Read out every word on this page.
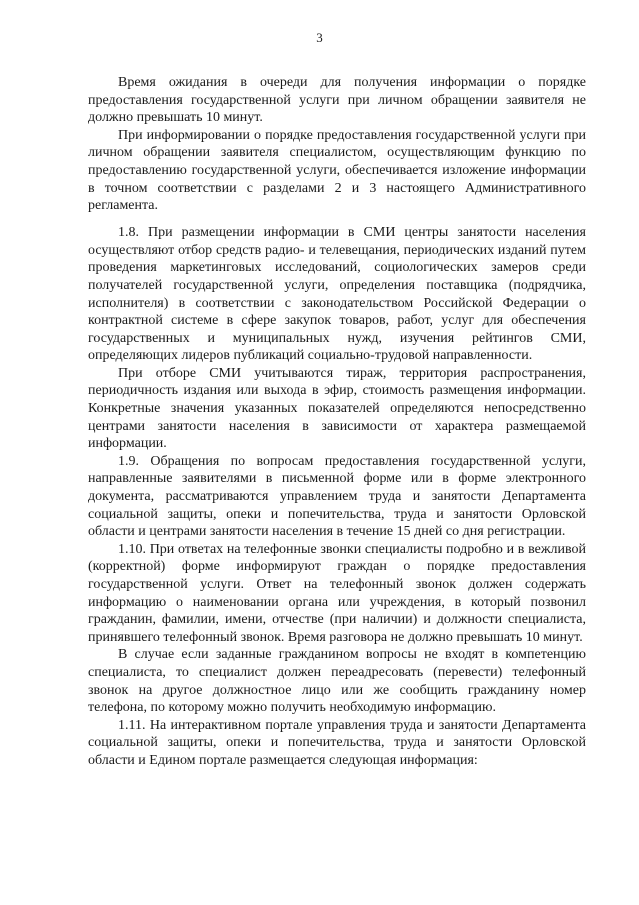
3

Время ожидания в очереди для получения информации о порядке предоставления государственной услуги при личном обращении заявителя не должно превышать 10 минут.

При информировании о порядке предоставления государственной услуги при личном обращении заявителя специалистом, осуществляющим функцию по предоставлению государственной услуги, обеспечивается изложение информации в точном соответствии с разделами 2 и 3 настоящего Административного регламента.

1.8. При размещении информации в СМИ центры занятости населения осуществляют отбор средств радио- и телевещания, периодических изданий путем проведения маркетинговых исследований, социологических замеров среди получателей государственной услуги, определения поставщика (подрядчика, исполнителя) в соответствии с законодательством Российской Федерации о контрактной системе в сфере закупок товаров, работ, услуг для обеспечения государственных и муниципальных нужд, изучения рейтингов СМИ, определяющих лидеров публикаций социально-трудовой направленности.

При отборе СМИ учитываются тираж, территория распространения, периодичность издания или выхода в эфир, стоимость размещения информации. Конкретные значения указанных показателей определяются непосредственно центрами занятости населения в зависимости от характера размещаемой информации.

1.9. Обращения по вопросам предоставления государственной услуги, направленные заявителями в письменной форме или в форме электронного документа, рассматриваются управлением труда и занятости Департамента социальной защиты, опеки и попечительства, труда и занятости Орловской области и центрами занятости населения в течение 15 дней со дня регистрации.

1.10. При ответах на телефонные звонки специалисты подробно и в вежливой (корректной) форме информируют граждан о порядке предоставления государственной услуги. Ответ на телефонный звонок должен содержать информацию о наименовании органа или учреждения, в который позвонил гражданин, фамилии, имени, отчестве (при наличии) и должности специалиста, принявшего телефонный звонок. Время разговора не должно превышать 10 минут.

В случае если заданные гражданином вопросы не входят в компетенцию специалиста, то специалист должен переадресовать (перевести) телефонный звонок на другое должностное лицо или же сообщить гражданину номер телефона, по которому можно получить необходимую информацию.

1.11. На интерактивном портале управления труда и занятости Департамента социальной защиты, опеки и попечительства, труда и занятости Орловской области и Едином портале размещается следующая информация:
